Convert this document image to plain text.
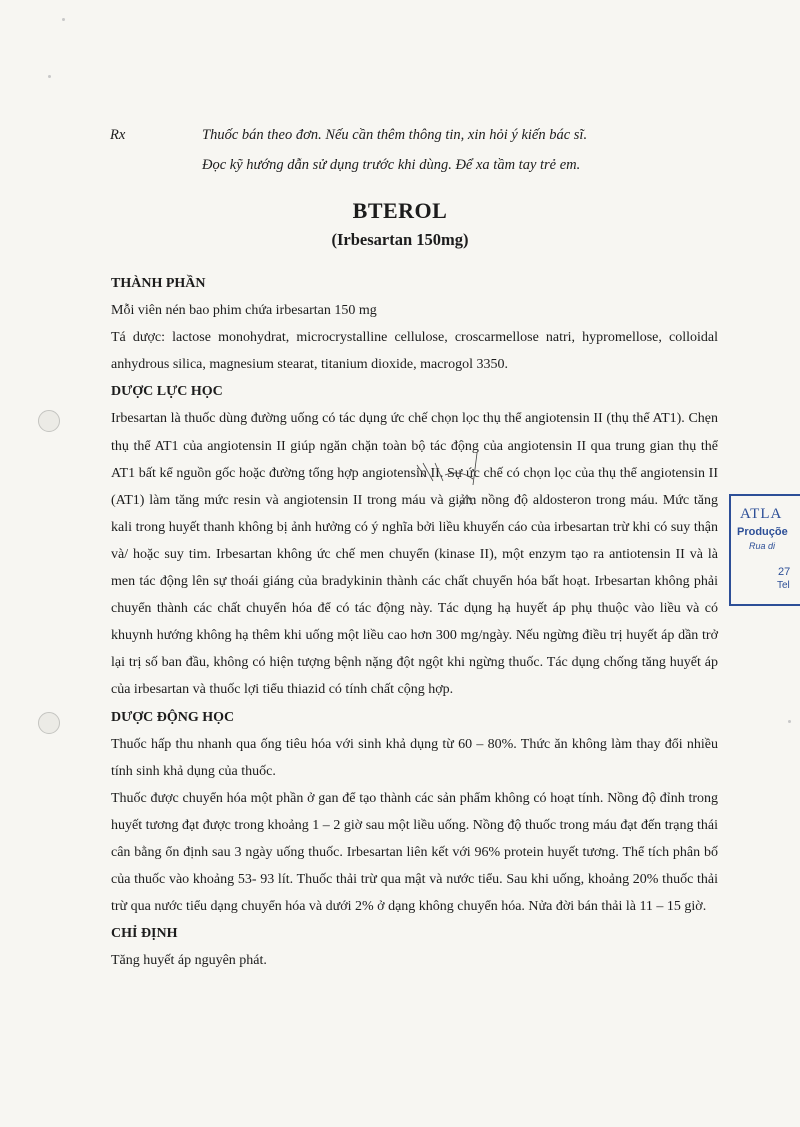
Rx	Thuốc bán theo đơn. Nếu cần thêm thông tin, xin hỏi ý kiến bác sĩ.
Đọc kỹ hướng dẫn sử dụng trước khi dùng. Để xa tầm tay trẻ em.
BTEROL
(Irbesartan 150mg)
THÀNH PHẦN

Mỗi viên nén bao phim chứa irbesartan 150 mg

Tá dược: lactose monohydrat, microcrystalline cellulose, croscarmellose natri, hypromellose, colloidal anhydrous silica, magnesium stearat, titanium dioxide, macrogol 3350.

DƯỢC LỰC HỌC

Irbesartan là thuốc dùng đường uống có tác dụng ức chế chọn lọc thụ thể angiotensin II (thụ thể AT1). Chẹn thụ thể AT1 của angiotensin II giúp ngăn chặn toàn bộ tác động của angiotensin II qua trung gian thụ thể AT1 bất kể nguồn gốc hoặc đường tổng hợp angiotensin II. Sự ức chế có chọn lọc của thụ thể angiotensin II (AT1) làm tăng mức resin và angiotensin II trong máu và giảm nồng độ aldosteron trong máu. Mức tăng kali trong huyết thanh không bị ảnh hưởng có ý nghĩa bởi liều khuyến cáo của irbesartan trừ khi có suy thận và/ hoặc suy tim. Irbesartan không ức chế men chuyển (kinase II), một enzym tạo ra antiotensin II và là men tác động lên sự thoái giáng của bradykinin thành các chất chuyển hóa bất hoạt. Irbesartan không phải chuyển thành các chất chuyển hóa để có tác động này. Tác dụng hạ huyết áp phụ thuộc vào liều và có khuynh hướng không hạ thêm khi uống một liều cao hơn 300 mg/ngày. Nếu ngừng điều trị huyết áp dần trở lại trị số ban đầu, không có hiện tượng bệnh nặng đột ngột khi ngừng thuốc. Tác dụng chống tăng huyết áp của irbesartan và thuốc lợi tiểu thiazid có tính chất cộng hợp.

DƯỢC ĐỘNG HỌC

Thuốc hấp thu nhanh qua ống tiêu hóa với sinh khả dụng từ 60 – 80%. Thức ăn không làm thay đổi nhiều tính sinh khả dụng của thuốc.

Thuốc được chuyển hóa một phần ở gan để tạo thành các sản phẩm không có hoạt tính. Nồng độ đỉnh trong huyết tương đạt được trong khoảng 1 – 2 giờ sau một liều uống. Nồng độ thuốc trong máu đạt đến trạng thái cân bằng ổn định sau 3 ngày uống thuốc. Irbesartan liên kết với 96% protein huyết tương. Thể tích phân bố của thuốc vào khoảng 53- 93 lít. Thuốc thải trừ qua mật và nước tiểu. Sau khi uống, khoảng 20% thuốc thải trừ qua nước tiểu dạng chuyển hóa và dưới 2% ở dạng không chuyển hóa. Nửa đời bán thải là 11 – 15 giờ.

CHỈ ĐỊNH

Tăng huyết áp nguyên phát.

ATLA
Produçõe
Rua di
27
Tel
